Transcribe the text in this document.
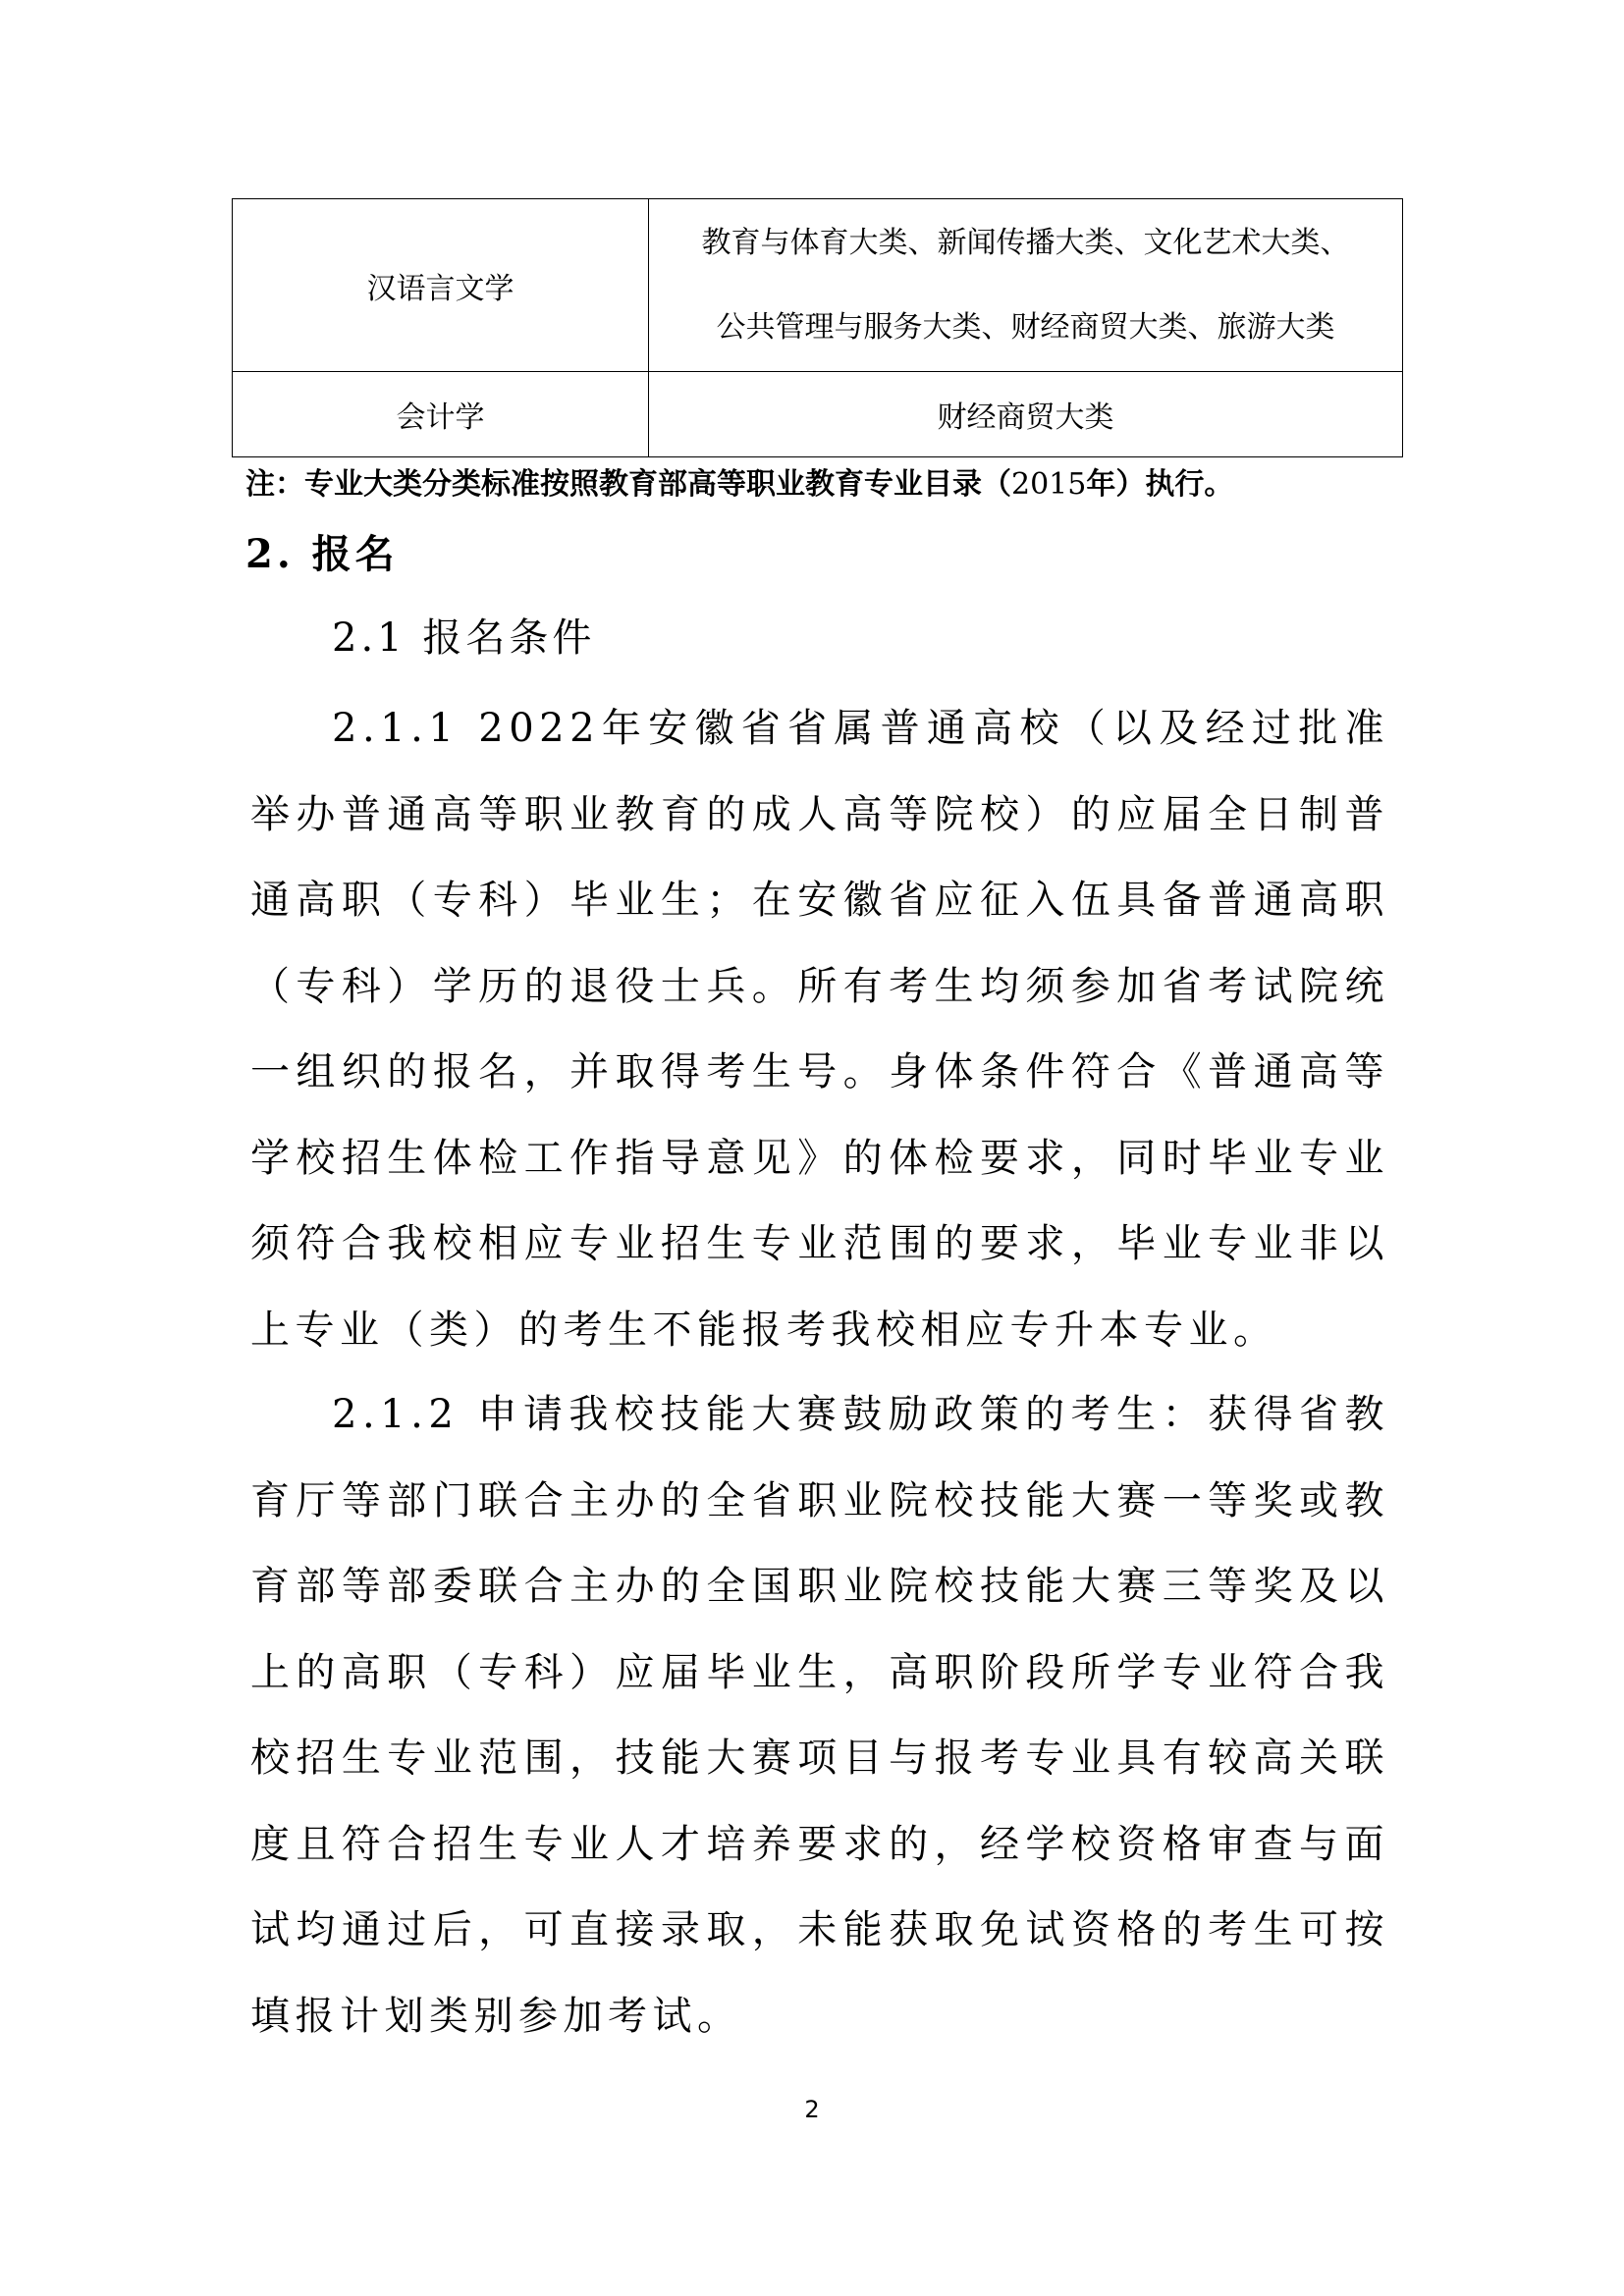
汉语言文学	教育与体育大类、新闻传播大类、文化艺术大类、
公共管理与服务大类、财经商贸大类、旅游大类

会计学	财经商贸大类
注：专业大类分类标准按照教育部高等职业教育专业目录（2015年）执行。
2. 报名
2.1 报名条件

2.1.1 2022年安徽省省属普通高校（以及经过批准举办普通高等职业教育的成人高等院校）的应届全日制普通高职（专科）毕业生；在安徽省应征入伍具备普通高职（专科）学历的退役士兵。所有考生均须参加省考试院统一组织的报名，并取得考生号。身体条件符合《普通高等学校招生体检工作指导意见》的体检要求，同时毕业专业须符合我校相应专业招生专业范围的要求，毕业专业非以上专业（类）的考生不能报考我校相应专升本专业。

2.1.2 申请我校技能大赛鼓励政策的考生：获得省教育厅等部门联合主办的全省职业院校技能大赛一等奖或教育部等部委联合主办的全国职业院校技能大赛三等奖及以上的高职（专科）应届毕业生，高职阶段所学专业符合我校招生专业范围，技能大赛项目与报考专业具有较高关联度且符合招生专业人才培养要求的，经学校资格审查与面试均通过后，可直接录取，未能获取免试资格的考生可按填报计划类别参加考试。

2
